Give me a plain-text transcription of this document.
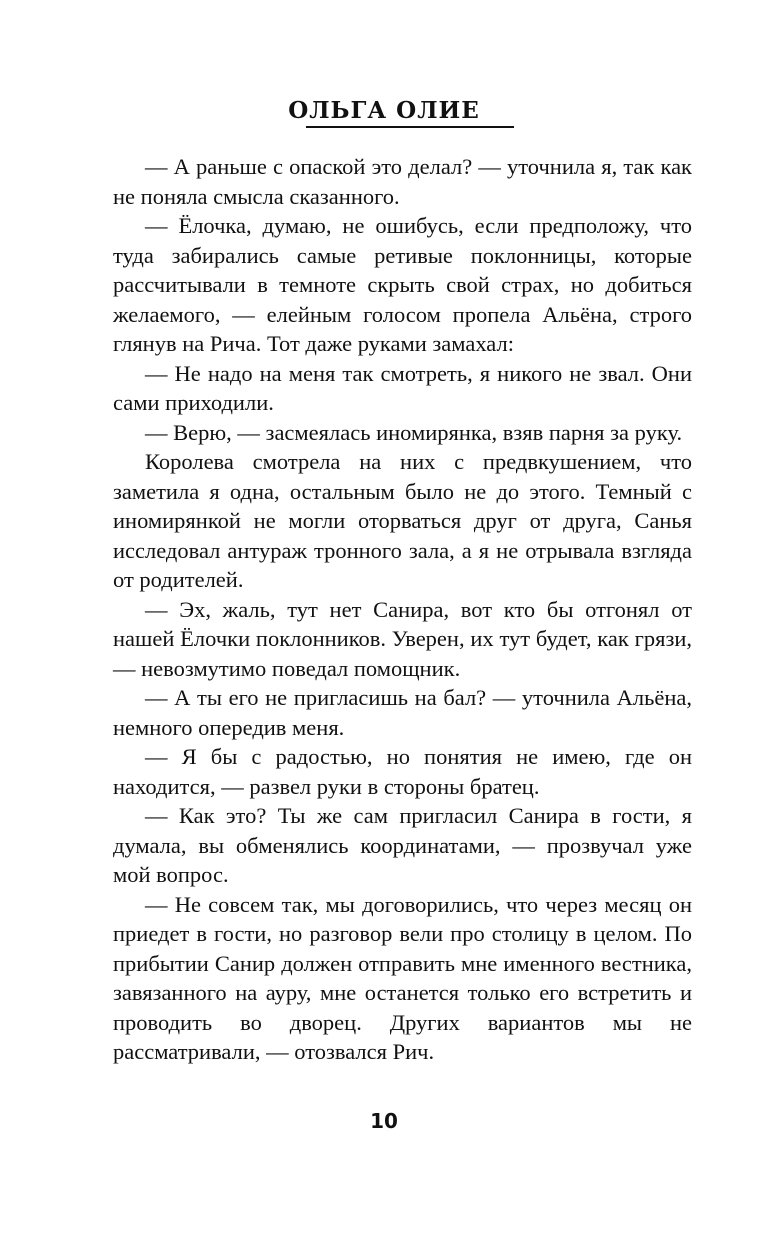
ОЛЬГА ОЛИЕ

— А раньше с опаской это делал? — уточнила я, так как не поняла смысла сказанного.

— Ёлочка, думаю, не ошибусь, если предположу, что туда забирались самые ретивые поклонницы, которые рассчитывали в темноте скрыть свой страх, но добиться желаемого, — елейным голосом пропела Альёна, строго глянув на Рича. Тот даже руками замахал:

— Не надо на меня так смотреть, я никого не звал. Они сами приходили.

— Верю, — засмеялась иномирянка, взяв парня за руку.

Королева смотрела на них с предвкушением, что заметила я одна, остальным было не до этого. Темный с иномирянкой не могли оторваться друг от друга, Санья исследовал антураж тронного зала, а я не отрывала взгляда от родителей.

— Эх, жаль, тут нет Санира, вот кто бы отгонял от нашей Ёлочки поклонников. Уверен, их тут будет, как грязи, — невозмутимо поведал помощник.

— А ты его не пригласишь на бал? — уточнила Альёна, немного опередив меня.

— Я бы с радостью, но понятия не имею, где он находится, — развел руки в стороны братец.

— Как это? Ты же сам пригласил Санира в гости, я думала, вы обменялись координатами, — прозвучал уже мой вопрос.

— Не совсем так, мы договорились, что через месяц он приедет в гости, но разговор вели про столицу в целом. По прибытии Санир должен отправить мне именного вестника, завязанного на ауру, мне останется только его встретить и проводить во дворец. Других вариантов мы не рассматривали, — отозвался Рич.

10
